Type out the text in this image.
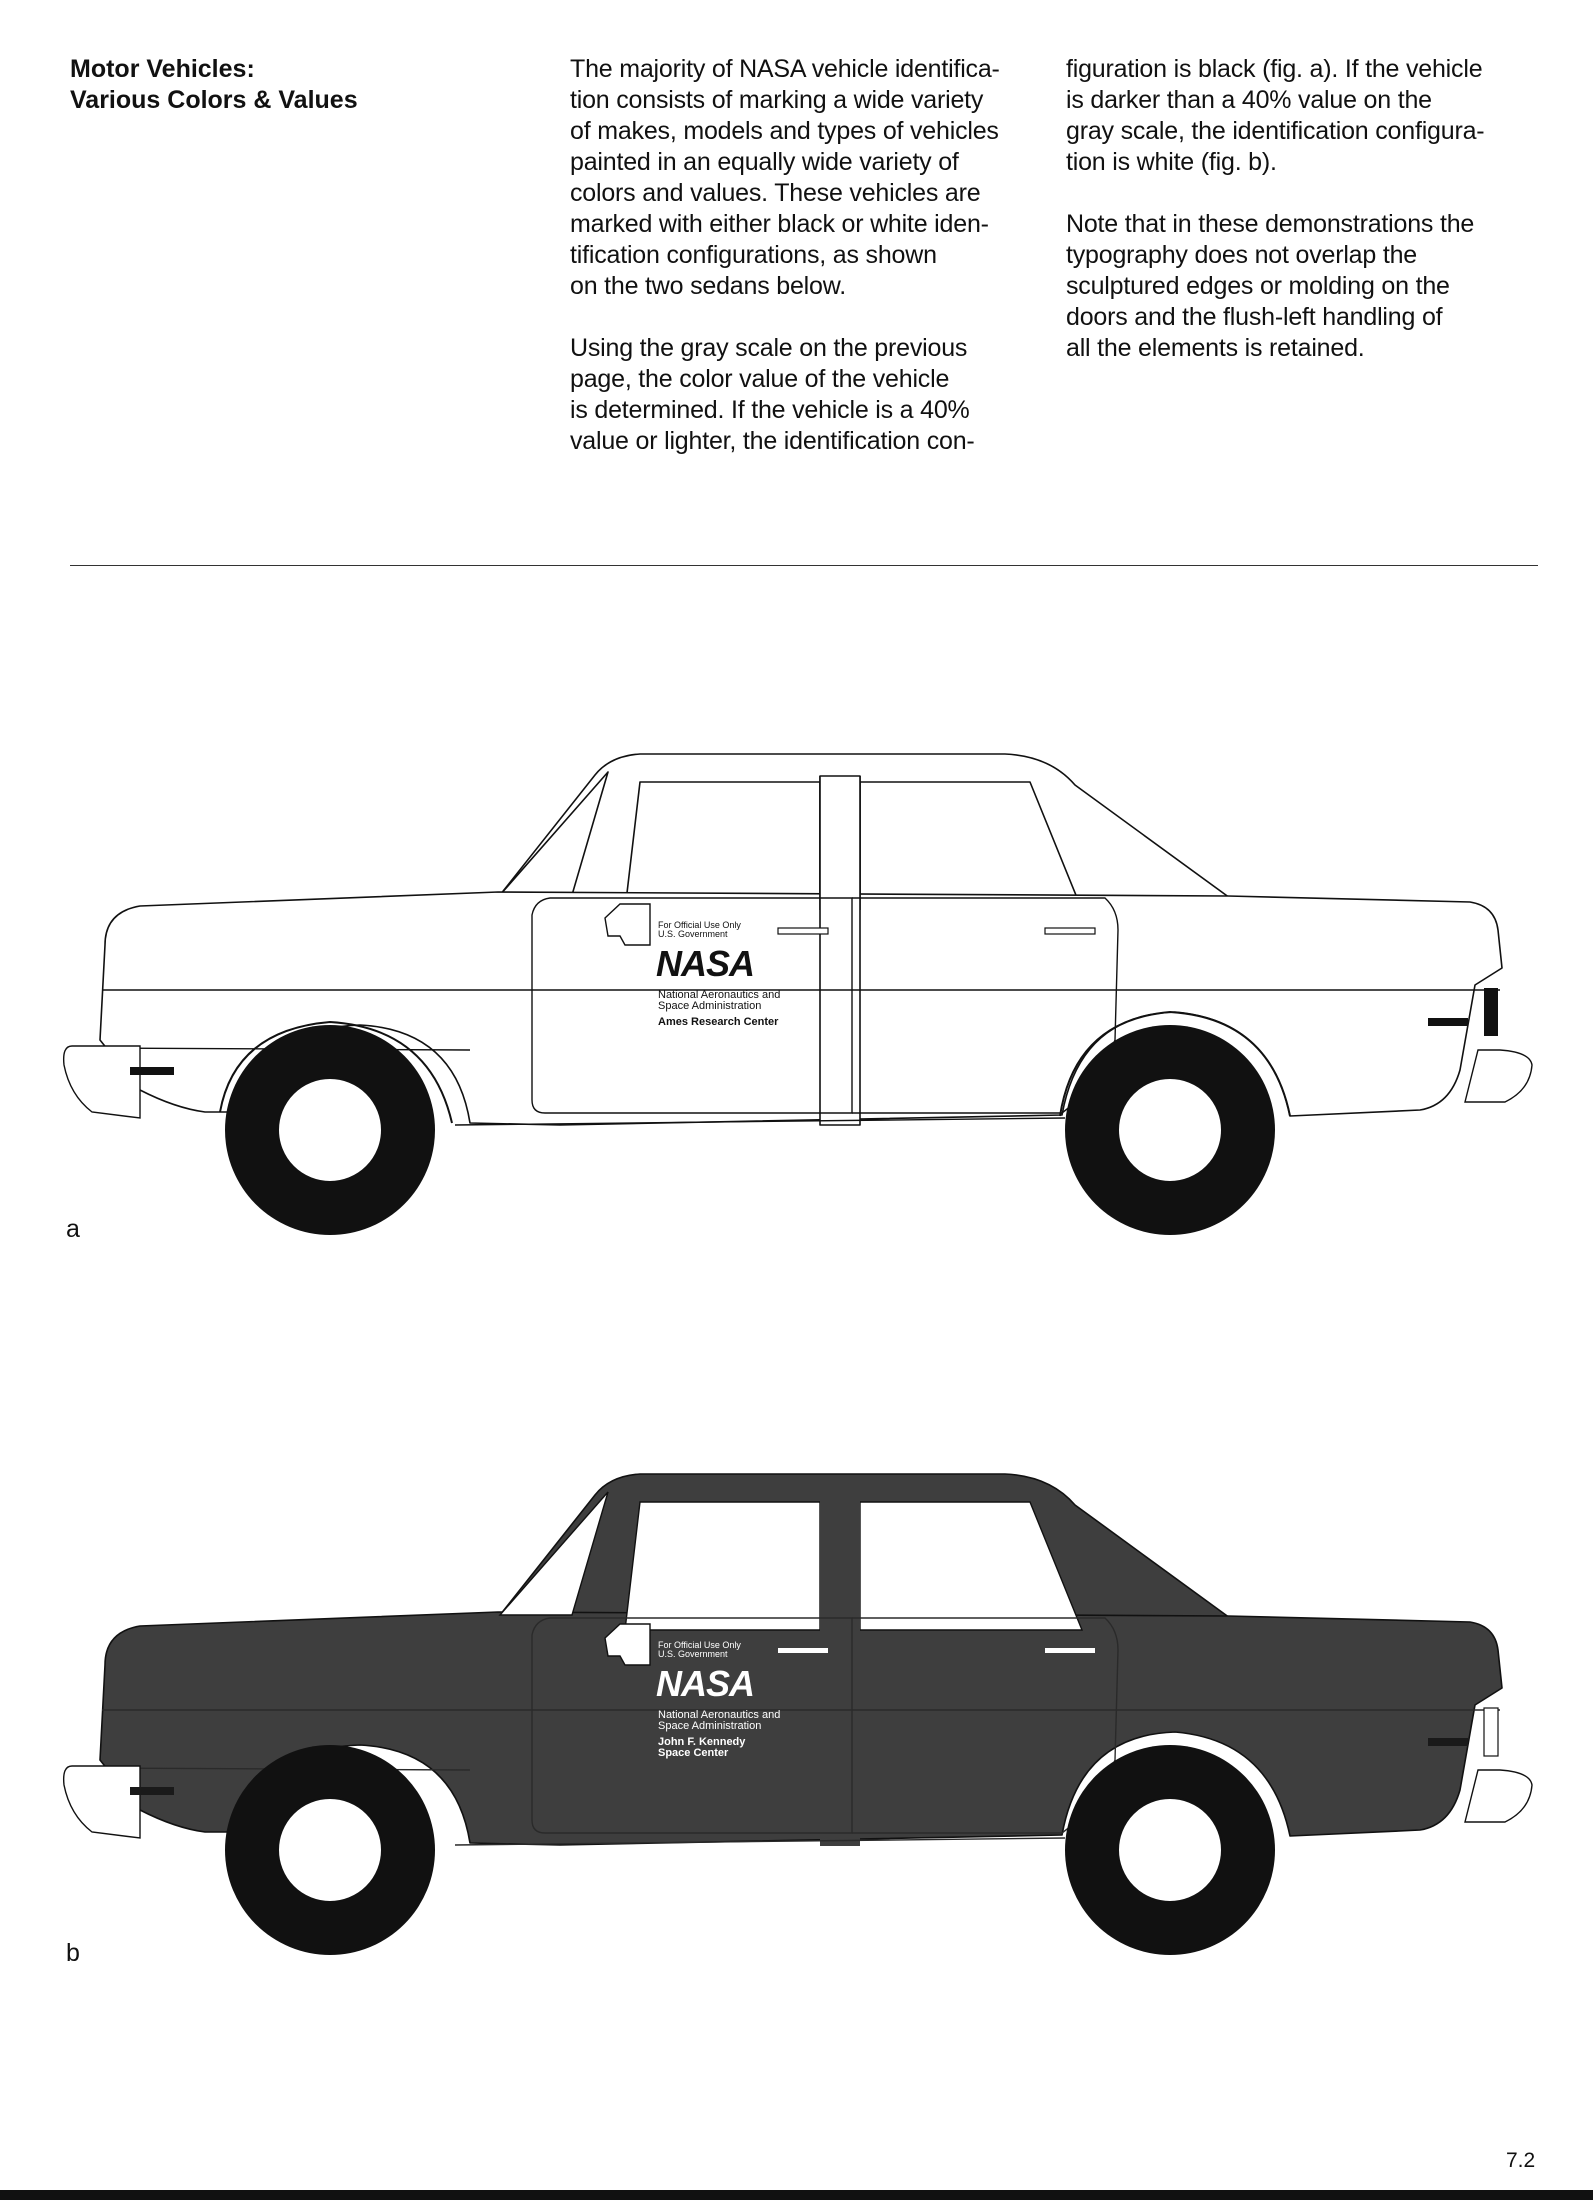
Motor Vehicles:
Various Colors & Values
The majority of NASA vehicle identifica-
tion consists of marking a wide variety
of makes, models and types of vehicles
painted in an equally wide variety of
colors and values. These vehicles are
marked with either black or white iden-
tification configurations, as shown
on the two sedans below.
Using the gray scale on the previous
page, the color value of the vehicle
is determined. If the vehicle is a 40%
value or lighter, the identification con-
figuration is black (fig. a). If the vehicle
is darker than a 40% value on the
gray scale, the identification configura-
tion is white (fig. b).
Note that in these demonstrations the
typography does not overlap the
sculptured edges or molding on the
doors and the flush-left handling of
all the elements is retained.
For Official Use Only
U.S. Government
NASA
National Aeronautics and
Space Administration
Ames Research Center
a
For Official Use Only
U.S. Government
NASA
National Aeronautics and
Space Administration
John F. Kennedy
Space Center
b
7.2
